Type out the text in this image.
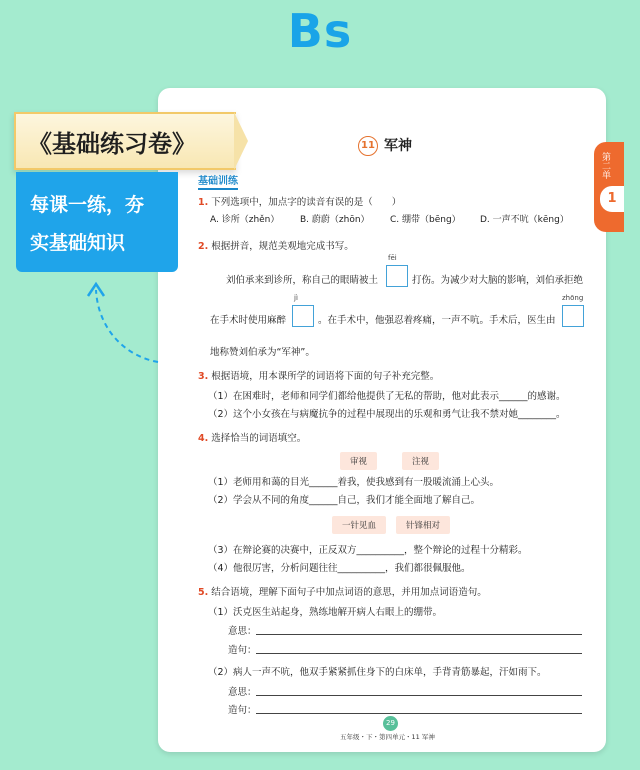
Bs
第二单
1
《基础练习卷》
每课一练，夯
实基础知识
11 军神
基础训练
1. 下列选项中，加点字的读音有误的是（　　）
A. 诊所（zhěn） B. 蔚蔚（zhōn） C. 绷带（bēng） D. 一声不吭（kēng）
2. 根据拼音，规范美观地完成书写。
fēi
刘伯承来到诊所，称自己的眼睛被土	打伤。为减少对大脑的影响，刘伯承拒绝
jì
在手术时使用麻醉	。在手术中，他强忍着疼痛，一声不吭。手术后，医生由
zhōng
地称赞刘伯承为“军神”。
3. 根据语境，用本课所学的词语将下面的句子补充完整。
（1）在困难时，老师和同学们都给他提供了无私的帮助，他对此表示______的感谢。
（2）这个小女孩在与病魔抗争的过程中展现出的乐观和勇气让我不禁对她________。
4. 选择恰当的词语填空。
审视	注视
（1）老师用和蔼的目光______着我，使我感到有一股暖流涌上心头。
（2）学会从不同的角度______自己，我们才能全面地了解自己。
一针见血	针锋相对
（3）在辩论赛的决赛中，正反双方__________，整个辩论的过程十分精彩。
（4）他很厉害，分析问题往往__________，我们都很佩服他。
5. 结合语境，理解下面句子中加点词语的意思，并用加点词语造句。
（1）沃克医生站起身，熟练地解开病人右眼上的绷带。
意思：
造句：
（2）病人一声不吭，他双手紧紧抓住身下的白床单，手背青筋暴起，汗如雨下。
意思：
造句：
29
五年级・下・第四单元・11 军神
